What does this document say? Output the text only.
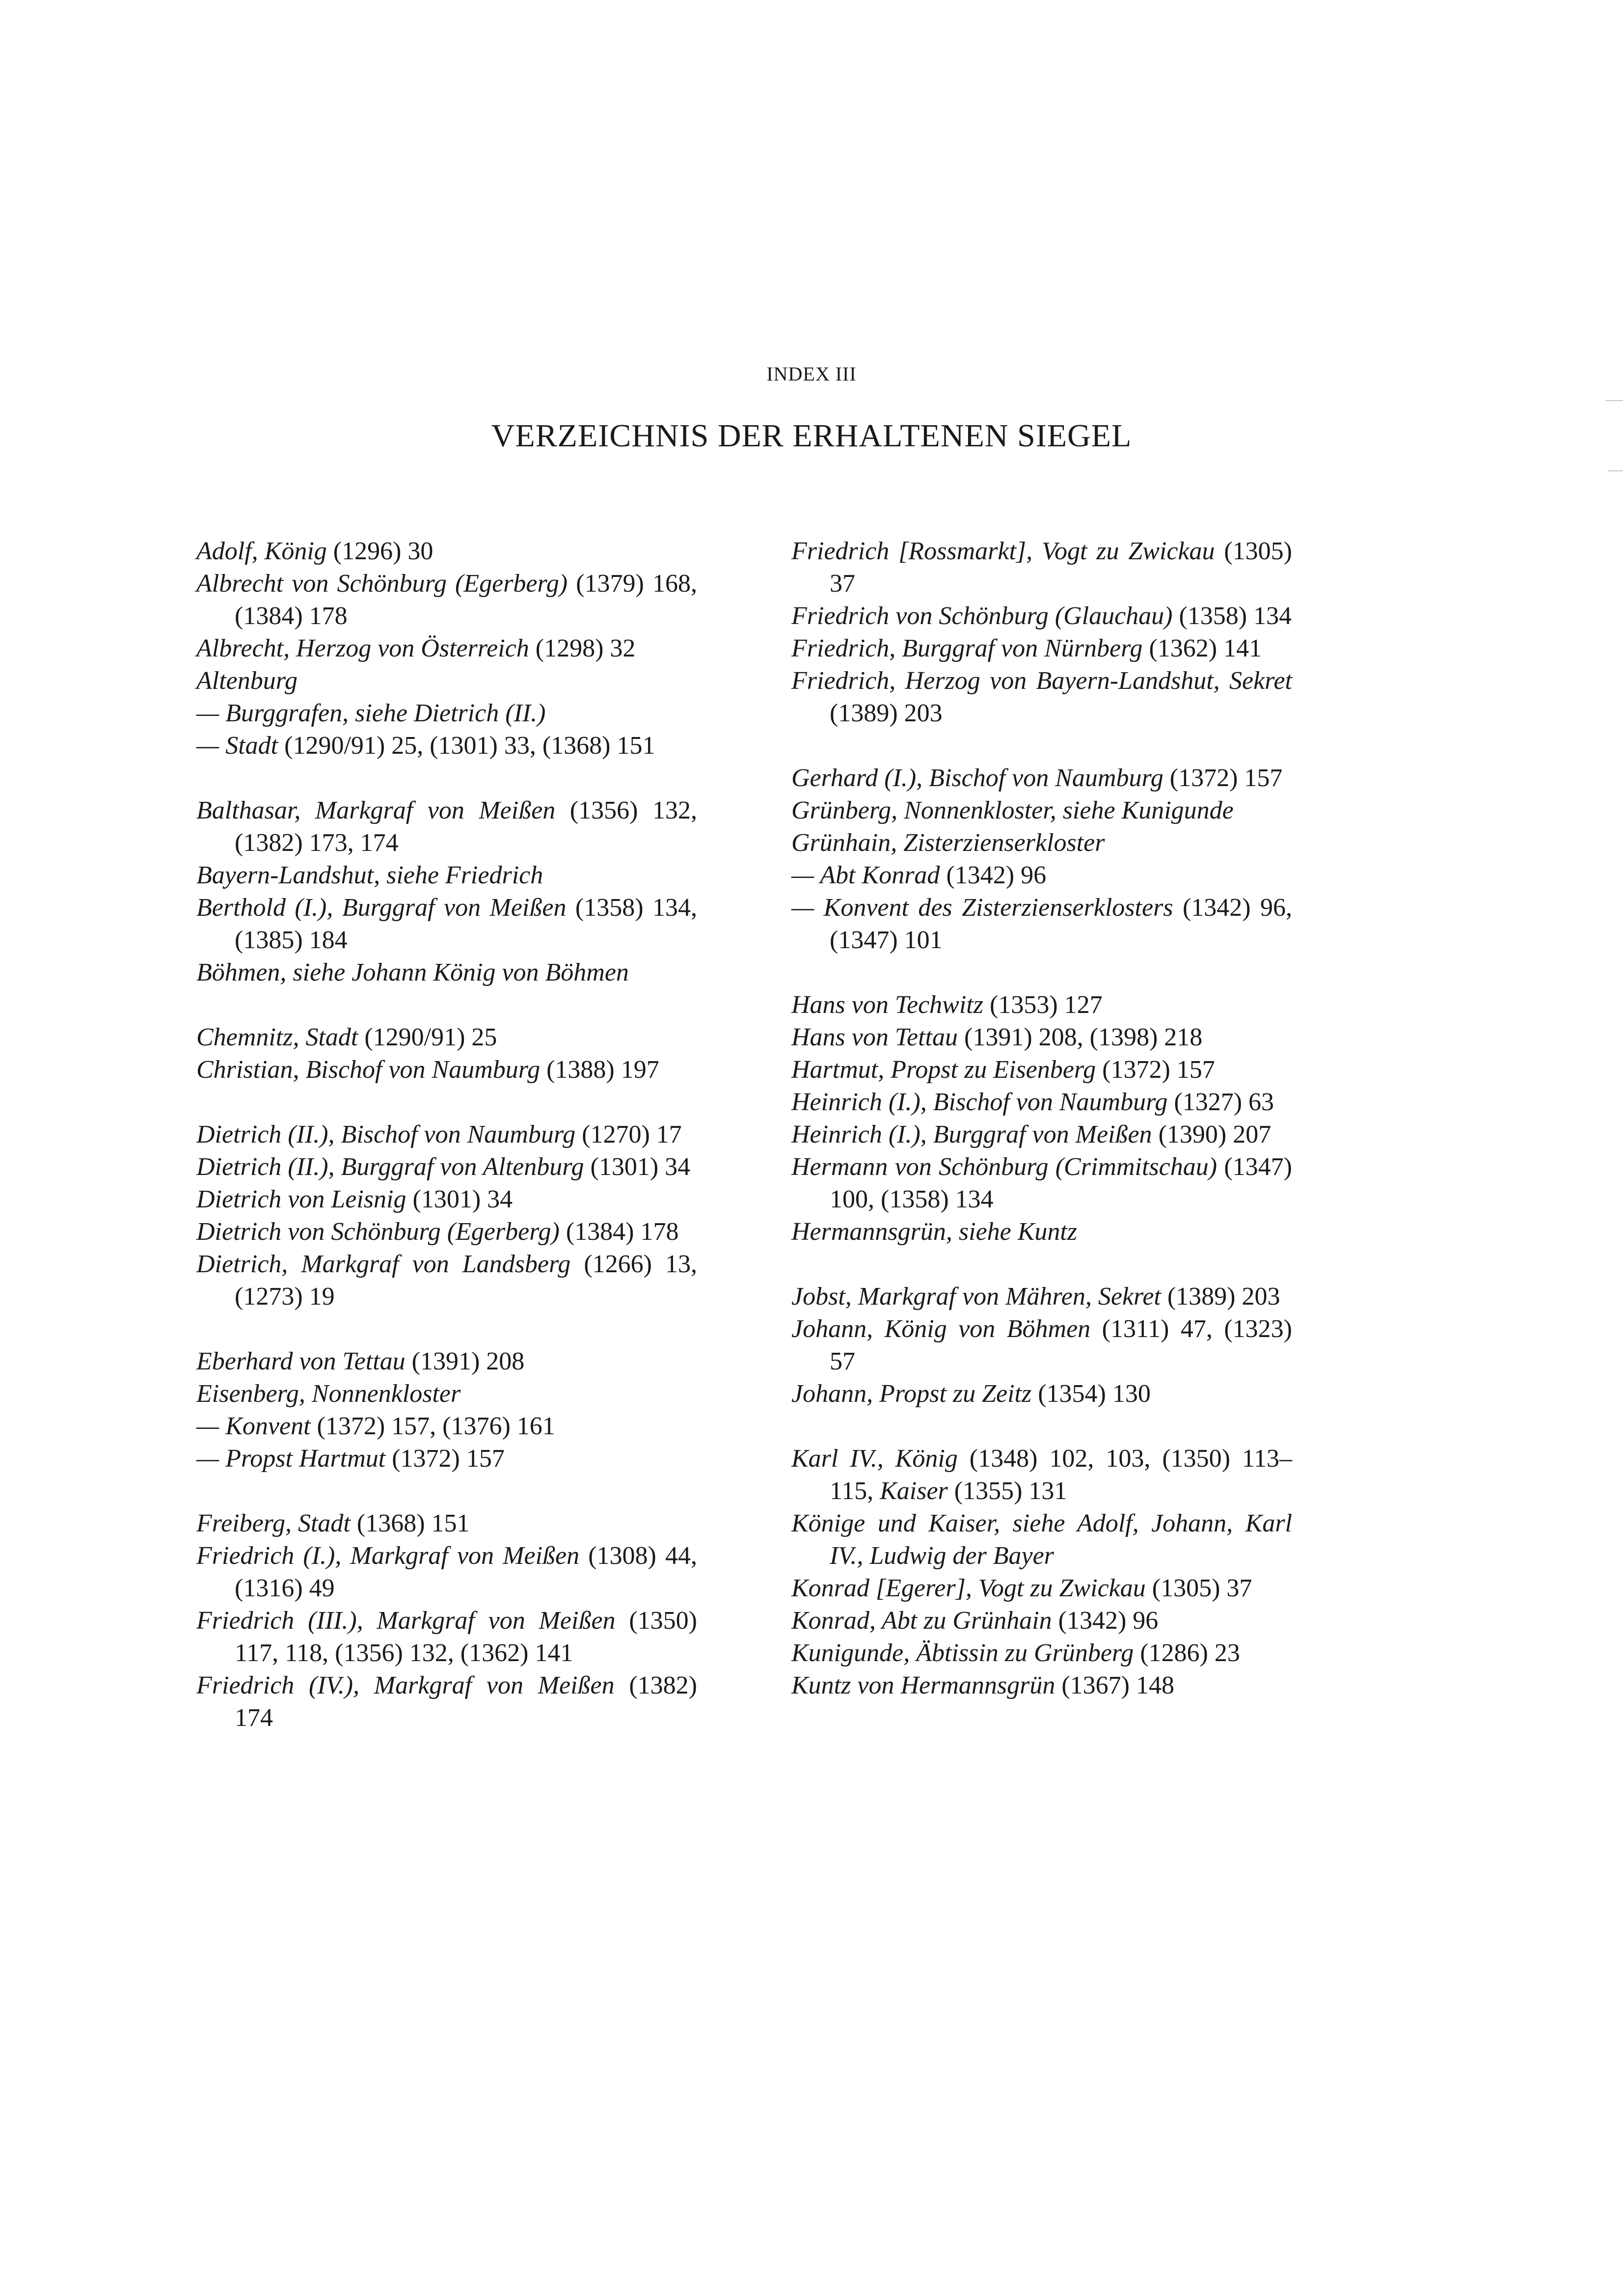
INDEX III
VERZEICHNIS DER ERHALTENEN SIEGEL
Adolf, König (1296) 30
Albrecht von Schönburg (Egerberg) (1379) 168, (1384) 178
Albrecht, Herzog von Österreich (1298) 32
Altenburg
— Burggrafen, siehe Dietrich (II.)
— Stadt (1290/91) 25, (1301) 33, (1368) 151
Balthasar, Markgraf von Meißen (1356) 132, (1382) 173, 174
Bayern-Landshut, siehe Friedrich
Berthold (I.), Burggraf von Meißen (1358) 134, (1385) 184
Böhmen, siehe Johann König von Böhmen
Chemnitz, Stadt (1290/91) 25
Christian, Bischof von Naumburg (1388) 197
Dietrich (II.), Bischof von Naumburg (1270) 17
Dietrich (II.), Burggraf von Altenburg (1301) 34
Dietrich von Leisnig (1301) 34
Dietrich von Schönburg (Egerberg) (1384) 178
Dietrich, Markgraf von Landsberg (1266) 13, (1273) 19
Eberhard von Tettau (1391) 208
Eisenberg, Nonnenkloster
— Konvent (1372) 157, (1376) 161
— Propst Hartmut (1372) 157
Freiberg, Stadt (1368) 151
Friedrich (I.), Markgraf von Meißen (1308) 44, (1316) 49
Friedrich (III.), Markgraf von Meißen (1350) 117, 118, (1356) 132, (1362) 141
Friedrich (IV.), Markgraf von Meißen (1382) 174
Friedrich [Rossmarkt], Vogt zu Zwickau (1305) 37
Friedrich von Schönburg (Glauchau) (1358) 134
Friedrich, Burggraf von Nürnberg (1362) 141
Friedrich, Herzog von Bayern-Landshut, Sekret (1389) 203
Gerhard (I.), Bischof von Naumburg (1372) 157
Grünberg, Nonnenkloster, siehe Kunigunde
Grünhain, Zisterzienserkloster
— Abt Konrad (1342) 96
— Konvent des Zisterzienserklosters (1342) 96, (1347) 101
Hans von Techwitz (1353) 127
Hans von Tettau (1391) 208, (1398) 218
Hartmut, Propst zu Eisenberg (1372) 157
Heinrich (I.), Bischof von Naumburg (1327) 63
Heinrich (I.), Burggraf von Meißen (1390) 207
Hermann von Schönburg (Crimmitschau) (1347) 100, (1358) 134
Hermannsgrün, siehe Kuntz
Jobst, Markgraf von Mähren, Sekret (1389) 203
Johann, König von Böhmen (1311) 47, (1323) 57
Johann, Propst zu Zeitz (1354) 130
Karl IV., König (1348) 102, 103, (1350) 113–115, Kaiser (1355) 131
Könige und Kaiser, siehe Adolf, Johann, Karl IV., Ludwig der Bayer
Konrad [Egerer], Vogt zu Zwickau (1305) 37
Konrad, Abt zu Grünhain (1342) 96
Kunigunde, Äbtissin zu Grünberg (1286) 23
Kuntz von Hermannsgrün (1367) 148
